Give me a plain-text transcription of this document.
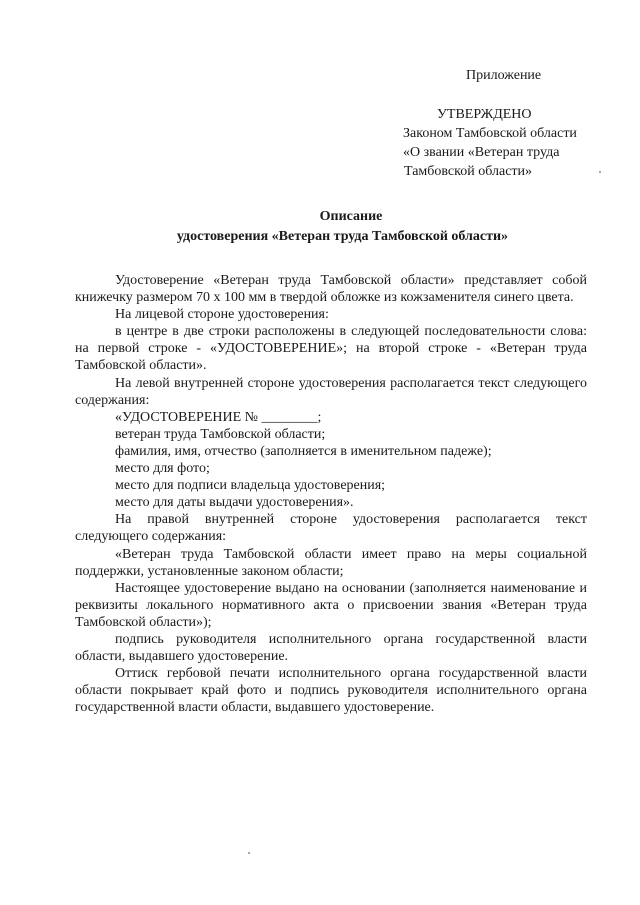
Приложение
УТВЕРЖДЕНО
Законом Тамбовской области
«О звании «Ветеран труда
Тамбовской области»
Описание
удостоверения «Ветеран труда Тамбовской области»

Удостоверение «Ветеран труда Тамбовской области» представляет собой книжечку размером 70 х 100 мм в твердой обложке из кожзаменителя синего цвета.

На лицевой стороне удостоверения:

в центре в две строки расположены в следующей последовательности слова: на первой строке - «УДОСТОВЕРЕНИЕ»; на второй строке - «Ветеран труда Тамбовской области».

На левой внутренней стороне удостоверения располагается текст следующего содержания:

«УДОСТОВЕРЕНИЕ № ________;

ветеран труда Тамбовской области;

фамилия, имя, отчество (заполняется в именительном падеже);

место для фото;

место для подписи владельца удостоверения;

место для даты выдачи удостоверения».

На правой внутренней стороне удостоверения располагается текст следующего содержания:

«Ветеран труда Тамбовской области имеет право на меры социальной поддержки, установленные законом области;

Настоящее удостоверение выдано на основании (заполняется наименование и реквизиты локального нормативного акта о присвоении звания «Ветеран труда Тамбовской области»);

подпись руководителя исполнительного органа государственной власти области, выдавшего удостоверение.

Оттиск гербовой печати исполнительного органа государственной власти области покрывает край фото и подпись руководителя исполнительного органа государственной власти области, выдавшего удостоверение.
